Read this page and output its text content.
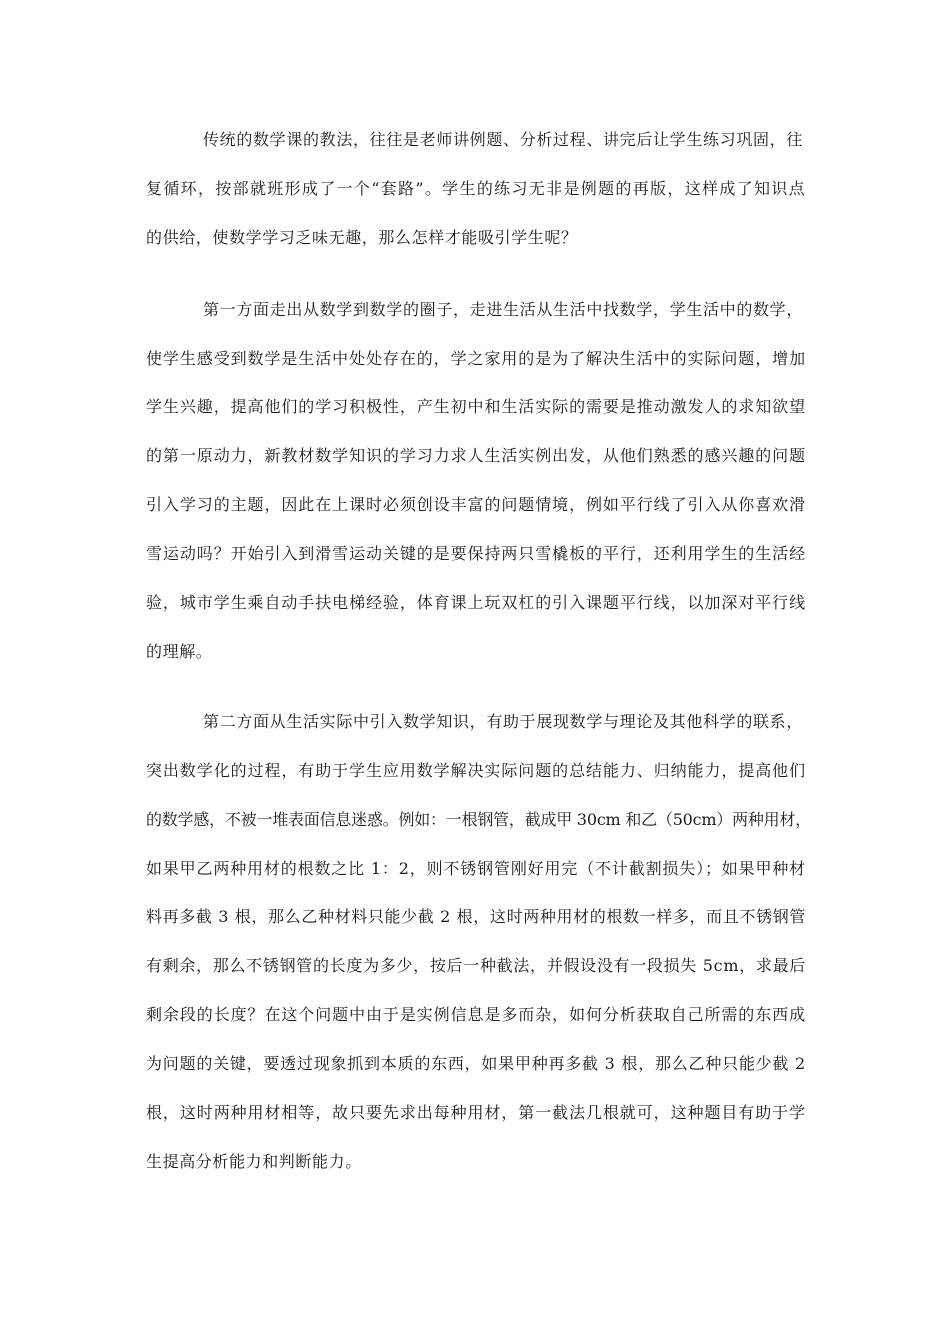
传统的数学课的教法，往往是老师讲例题、分析过程、讲完后让学生练习巩固，往
复循环，按部就班形成了一个“套路”。学生的练习无非是例题的再版，这样成了知识点
的供给，使数学学习乏味无趣，那么怎样才能吸引学生呢？
第一方面走出从数学到数学的圈子，走进生活从生活中找数学，学生活中的数学，
使学生感受到数学是生活中处处存在的，学之家用的是为了解决生活中的实际问题，增加
学生兴趣，提高他们的学习积极性，产生初中和生活实际的需要是推动激发人的求知欲望
的第一原动力，新教材数学知识的学习力求人生活实例出发，从他们熟悉的感兴趣的问题
引入学习的主题，因此在上课时必须创设丰富的问题情境，例如平行线了引入从你喜欢滑
雪运动吗？开始引入到滑雪运动关键的是要保持两只雪橇板的平行，还利用学生的生活经
验，城市学生乘自动手扶电梯经验，体育课上玩双杠的引入课题平行线，以加深对平行线
的理解。
第二方面从生活实际中引入数学知识，有助于展现数学与理论及其他科学的联系，
突出数学化的过程，有助于学生应用数学解决实际问题的总结能力、归纳能力，提高他们
的数学感，不被一堆表面信息迷惑。例如：一根钢管，截成甲 30cm 和乙（50cm）两种用材，
如果甲乙两种用材的根数之比 1：2，则不锈钢管刚好用完（不计截割损失）；如果甲种材
料再多截 3 根，那么乙种材料只能少截 2 根，这时两种用材的根数一样多，而且不锈钢管
有剩余，那么不锈钢管的长度为多少，按后一种截法，并假设没有一段损失 5cm，求最后
剩余段的长度？在这个问题中由于是实例信息是多而杂，如何分析获取自己所需的东西成
为问题的关键，要透过现象抓到本质的东西，如果甲种再多截 3 根，那么乙种只能少截 2
根，这时两种用材相等，故只要先求出每种用材，第一截法几根就可，这种题目有助于学
生提高分析能力和判断能力。
